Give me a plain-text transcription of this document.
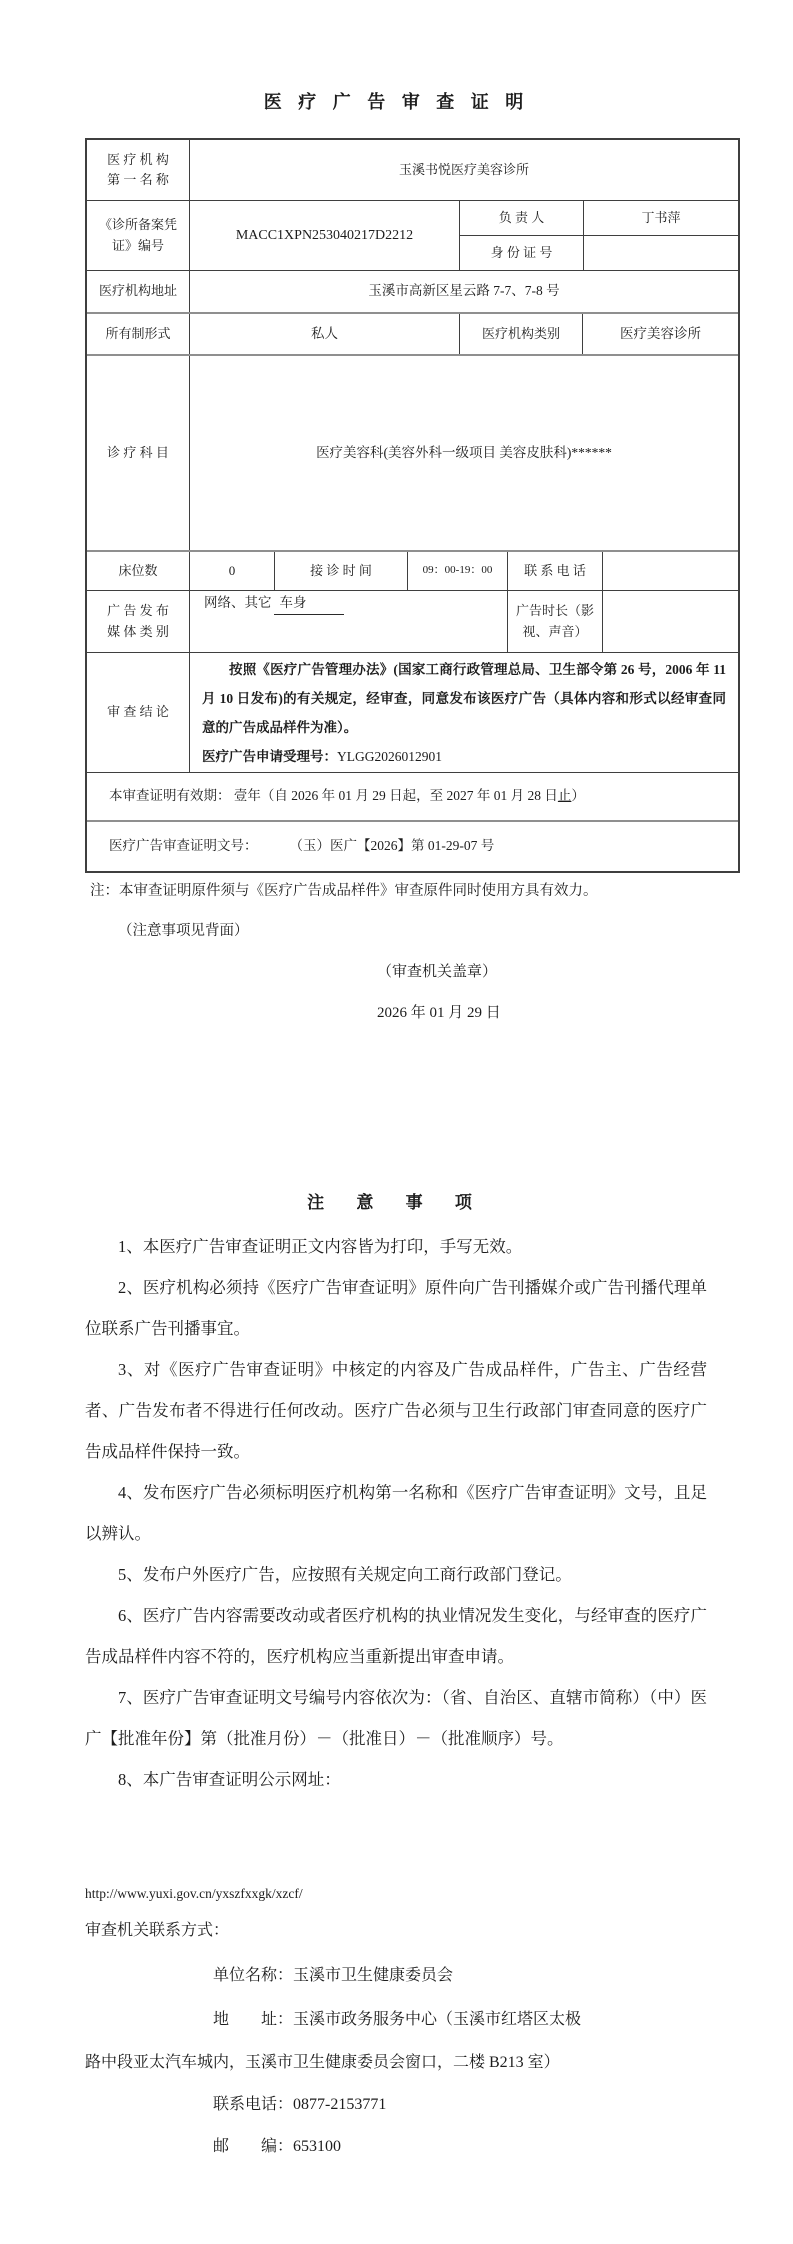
医 疗 广 告 审 查 证 明
医 疗 机 构
第 一 名 称
玉溪书悦医疗美容诊所
《诊所备案凭
证》编号
MACC1XPN253040217D2212
负 责 人	丁书萍
身 份 证 号
医疗机构地址	玉溪市高新区星云路 7-7、7-8 号
所有制形式	私人	医疗机构类别	医疗美容诊所
诊 疗 科 目	医疗美容科(美容外科一级项目 美容皮肤科)******
床位数	0	接 诊 时 间	09：00-19：00	联 系 电 话
广 告 发 布
媒 体 类 别
网络、其它 车身
广告时长（影
视、声音）
审 查 结 论

按照《医疗广告管理办法》(国家工商行政管理总局、卫生部令第 26 号，2006 年 11 月 10 日发布)的有关规定，经审查，同意发布该医疗广告（具体内容和形式以经审查同意的广告成品样件为准）。

医疗广告申请受理号：YLGG2026012901

本审查证明有效期：
壹年（自 2026 年 01 月 29 日起，至 2027 年 01 月 28 日 止 ）
医疗广告审查证明文号： （玉）医广【2026】第 01-29-07 号
注：本审查证明原件须与《医疗广告成品样件》审查原件同时使用方具有效力。
（注意事项见背面）
（审查机关盖章）
2026 年 01 月 29 日
注 意 事 项

1、本医疗广告审查证明正文内容皆为打印，手写无效。

2、医疗机构必须持《医疗广告审查证明》原件向广告刊播媒介或广告刊播代理单位联系广告刊播事宜。

3、对《医疗广告审查证明》中核定的内容及广告成品样件，广告主、广告经营者、广告发布者不得进行任何改动。医疗广告必须与卫生行政部门审查同意的医疗广告成品样件保持一致。

4、发布医疗广告必须标明医疗机构第一名称和《医疗广告审查证明》文号，且足以辨认。

5、发布户外医疗广告，应按照有关规定向工商行政部门登记。

6、医疗广告内容需要改动或者医疗机构的执业情况发生变化，与经审查的医疗广告成品样件内容不符的，医疗机构应当重新提出审查申请。

7、医疗广告审查证明文号编号内容依次为：（省、自治区、直辖市简称）（中）医广【批准年份】第（批准月份）－（批准日）－（批准顺序）号。

8、本广告审查证明公示网址：

http://www.yuxi.gov.cn/yxszfxxgk/xzcf/
审查机关联系方式：
单位名称：玉溪市卫生健康委员会
地　　址：玉溪市政务服务中心（玉溪市红塔区太极
路中段亚太汽车城内，玉溪市卫生健康委员会窗口，二楼 B213 室）
联系电话：0877-2153771
邮　　编：653100
